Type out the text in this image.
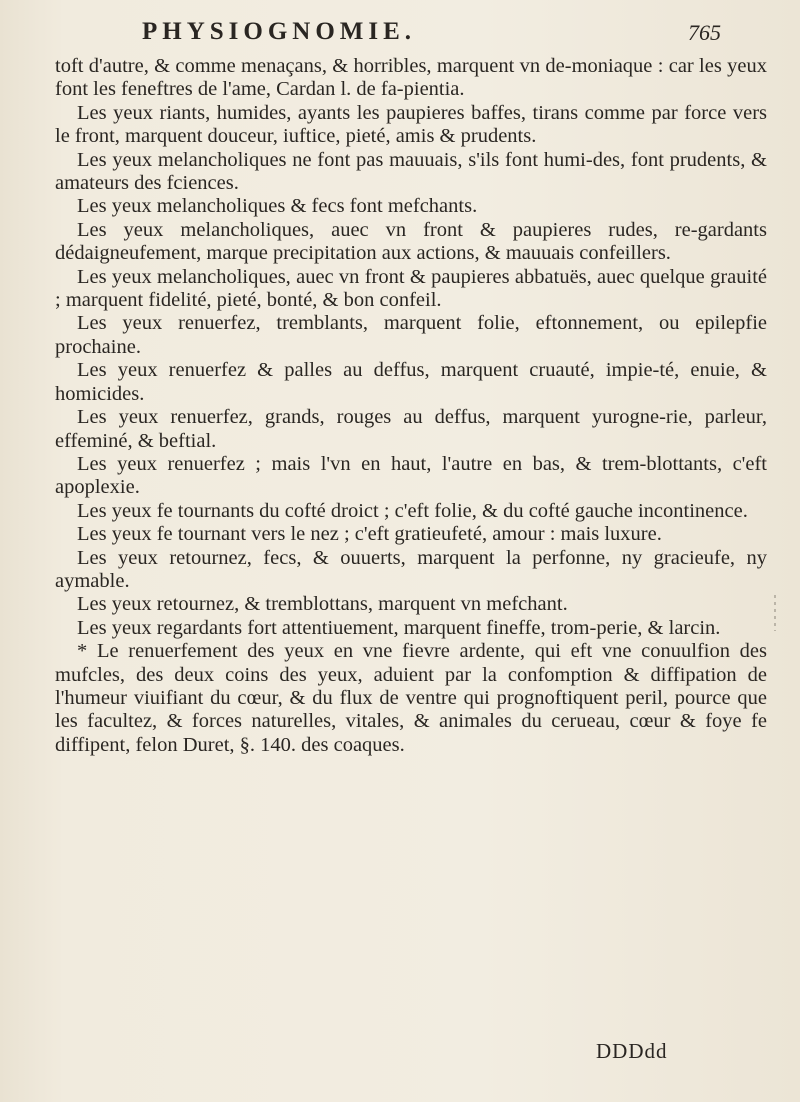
PHYSIOGNOMIE.	765

toft d'autre, & comme menaçans, & horribles, marquent vn de-moniaque : car les yeux font les feneftres de l'ame, Cardan l. de fa-pientia.

Les yeux riants, humides, ayants les paupieres baffes, tirans comme par force vers le front, marquent douceur, iuftice, pieté, amis & prudents.

Les yeux melancholiques ne font pas mauuais, s'ils font humi-des, font prudents, & amateurs des fciences.

Les yeux melancholiques & fecs font mefchants.

Les yeux melancholiques, auec vn front & paupieres rudes, re-gardants dédaigneufement, marque precipitation aux actions, & mauuais confeillers.

Les yeux melancholiques, auec vn front & paupieres abbatuës, auec quelque grauité ; marquent fidelité, pieté, bonté, & bon confeil.

Les yeux renuerfez, tremblants, marquent folie, eftonnement, ou epilepfie prochaine.

Les yeux renuerfez & palles au deffus, marquent cruauté, impie-té, enuie, & homicides.

Les yeux renuerfez, grands, rouges au deffus, marquent yurogne-rie, parleur, effeminé, & beftial.

Les yeux renuerfez ; mais l'vn en haut, l'autre en bas, & trem-blottants, c'eft apoplexie.

Les yeux fe tournants du cofté droict ; c'eft folie, & du cofté gauche incontinence.

Les yeux fe tournant vers le nez ; c'eft gratieufeté, amour : mais luxure.

Les yeux retournez, fecs, & ouuerts, marquent la perfonne, ny gracieufe, ny aymable.

Les yeux retournez, & tremblottans, marquent vn mefchant.

Les yeux regardants fort attentiuement, marquent fineffe, trom-perie, & larcin.

* Le renuerfement des yeux en vne fievre ardente, qui eft vne conuulfion des mufcles, des deux coins des yeux, aduient par la confomption & diffipation de l'humeur viuifiant du cœur, & du flux de ventre qui prognoftiquent peril, pource que les facultez, & forces naturelles, vitales, & animales du cerueau, cœur & foye fe diffipent, felon Duret, §. 140. des coaques.

DDDdd
